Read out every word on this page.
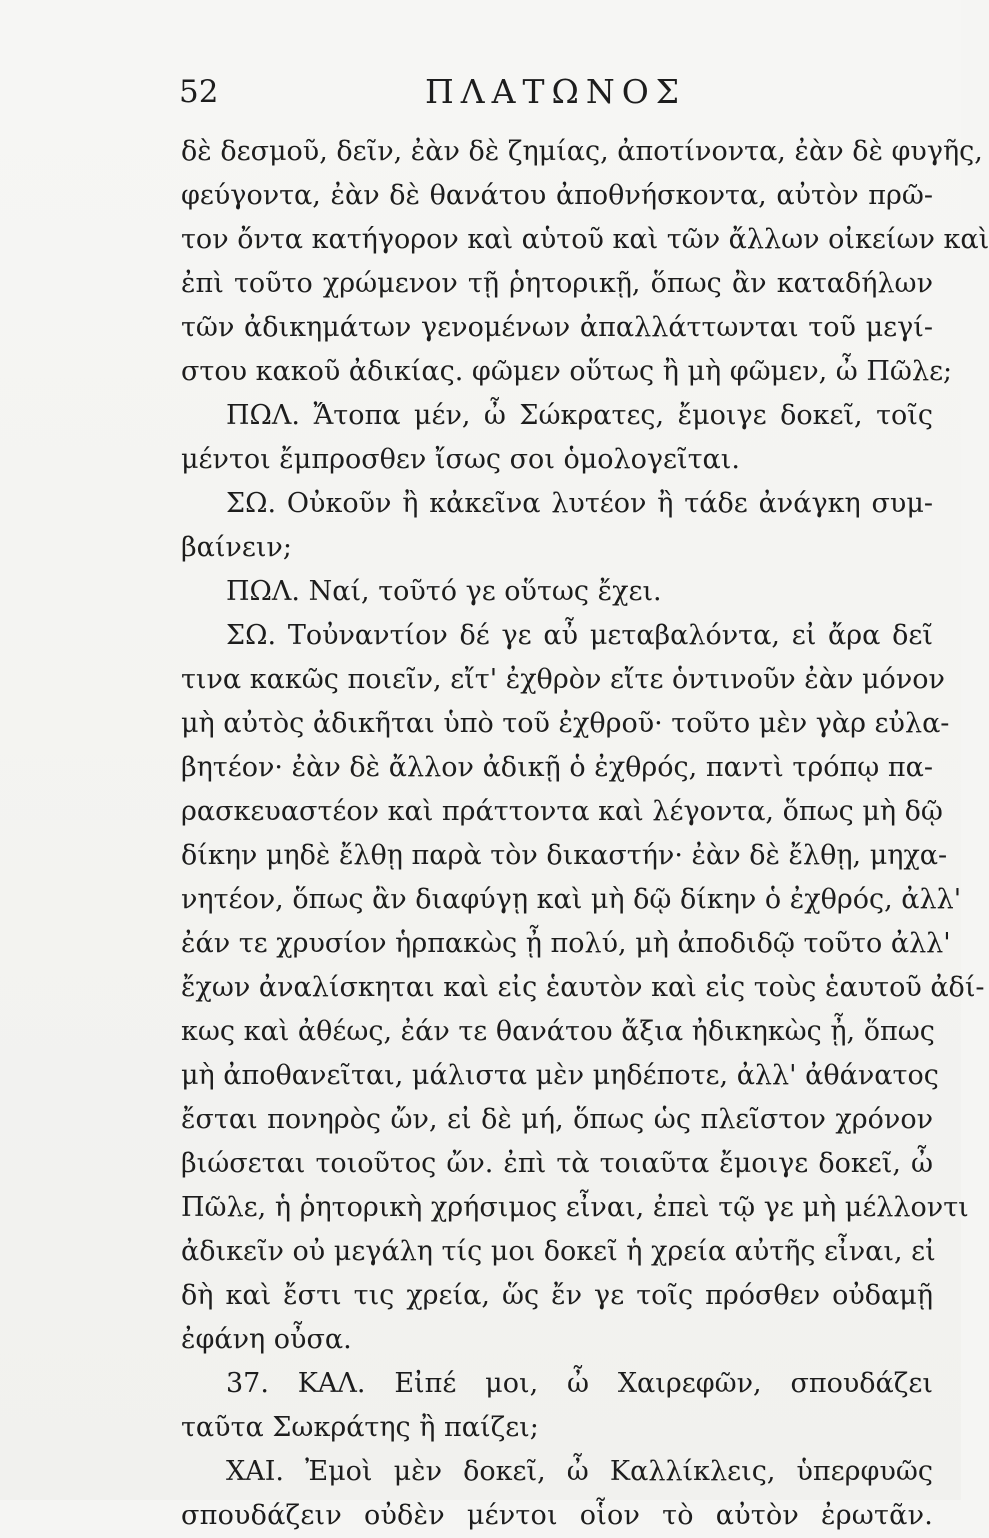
52	ΠΛΑΤΩΝΟΣ
δὲ δεσμοῦ, δεῖν, ἐὰν δὲ ζημίας, ἀποτίνοντα, ἐὰν δὲ φυγῆς,
φεύγοντα, ἐὰν δὲ θανάτου ἀποθνήσκοντα, αὐτὸν πρῶ-
τον ὄντα κατήγορον καὶ αὑτοῦ καὶ τῶν ἄλλων οἰκείων καὶ
ἐπὶ τοῦτο χρώμενον τῇ ῥητορικῇ, ὅπως ἂν καταδήλων
τῶν ἀδικημάτων γενομένων ἀπαλλάττωνται τοῦ μεγί-
στου κακοῦ ἀδικίας. φῶμεν οὕτως ἢ μὴ φῶμεν, ὦ Πῶλε;
ΠΩΛ. Ἄτοπα μέν, ὦ Σώκρατες, ἔμοιγε δοκεῖ, τοῖς
μέντοι ἔμπροσθεν ἴσως σοι ὁμολογεῖται.
ΣΩ. Οὐκοῦν ἢ κἀκεῖνα λυτέον ἢ τάδε ἀνάγκη συμ-
βαίνειν;
ΠΩΛ. Ναί, τοῦτό γε οὕτως ἔχει.
ΣΩ. Τοὐναντίον δέ γε αὖ μεταβαλόντα, εἰ ἄρα δεῖ
τινα κακῶς ποιεῖν, εἴτ' ἐχθρὸν εἴτε ὁντινοῦν ἐὰν μόνον
μὴ αὐτὸς ἀδικῆται ὑπὸ τοῦ ἐχθροῦ· τοῦτο μὲν γὰρ εὐλα-
βητέον· ἐὰν δὲ ἄλλον ἀδικῇ ὁ ἐχθρός, παντὶ τρόπῳ πα-
ρασκευαστέον καὶ πράττοντα καὶ λέγοντα, ὅπως μὴ δῷ
δίκην μηδὲ ἔλθῃ παρὰ τὸν δικαστήν· ἐὰν δὲ ἔλθῃ, μηχα-
νητέον, ὅπως ἂν διαφύγῃ καὶ μὴ δῷ δίκην ὁ ἐχθρός, ἀλλ'
ἐάν τε χρυσίον ἡρπακὼς ᾖ πολύ, μὴ ἀποδιδῷ τοῦτο ἀλλ'
ἔχων ἀναλίσκηται καὶ εἰς ἑαυτὸν καὶ εἰς τοὺς ἑαυτοῦ ἀδί-
κως καὶ ἀθέως, ἐάν τε θανάτου ἄξια ἠδικηκὼς ᾖ, ὅπως
μὴ ἀποθανεῖται, μάλιστα μὲν μηδέποτε, ἀλλ' ἀθάνατος
ἔσται πονηρὸς ὤν, εἰ δὲ μή, ὅπως ὡς πλεῖστον χρόνον
βιώσεται τοιοῦτος ὤν. ἐπὶ τὰ τοιαῦτα ἔμοιγε δοκεῖ, ὦ
Πῶλε, ἡ ῥητορικὴ χρήσιμος εἶναι, ἐπεὶ τῷ γε μὴ μέλλοντι
ἀδικεῖν οὐ μεγάλη τίς μοι δοκεῖ ἡ χρεία αὐτῆς εἶναι, εἰ
δὴ καὶ ἔστι τις χρεία, ὥς ἔν γε τοῖς πρόσθεν οὐδαμῇ
ἐφάνη οὖσα.
37. ΚΑΛ. Εἰπέ μοι, ὦ Χαιρεφῶν, σπουδάζει
ταῦτα Σωκράτης ἢ παίζει;
ΧΑΙ. Ἐμοὶ μὲν δοκεῖ, ὦ Καλλίκλεις, ὑπερφυῶς
σπουδάζειν οὐδὲν μέντοι οἷον τὸ αὐτὸν ἐρωτᾶν.
